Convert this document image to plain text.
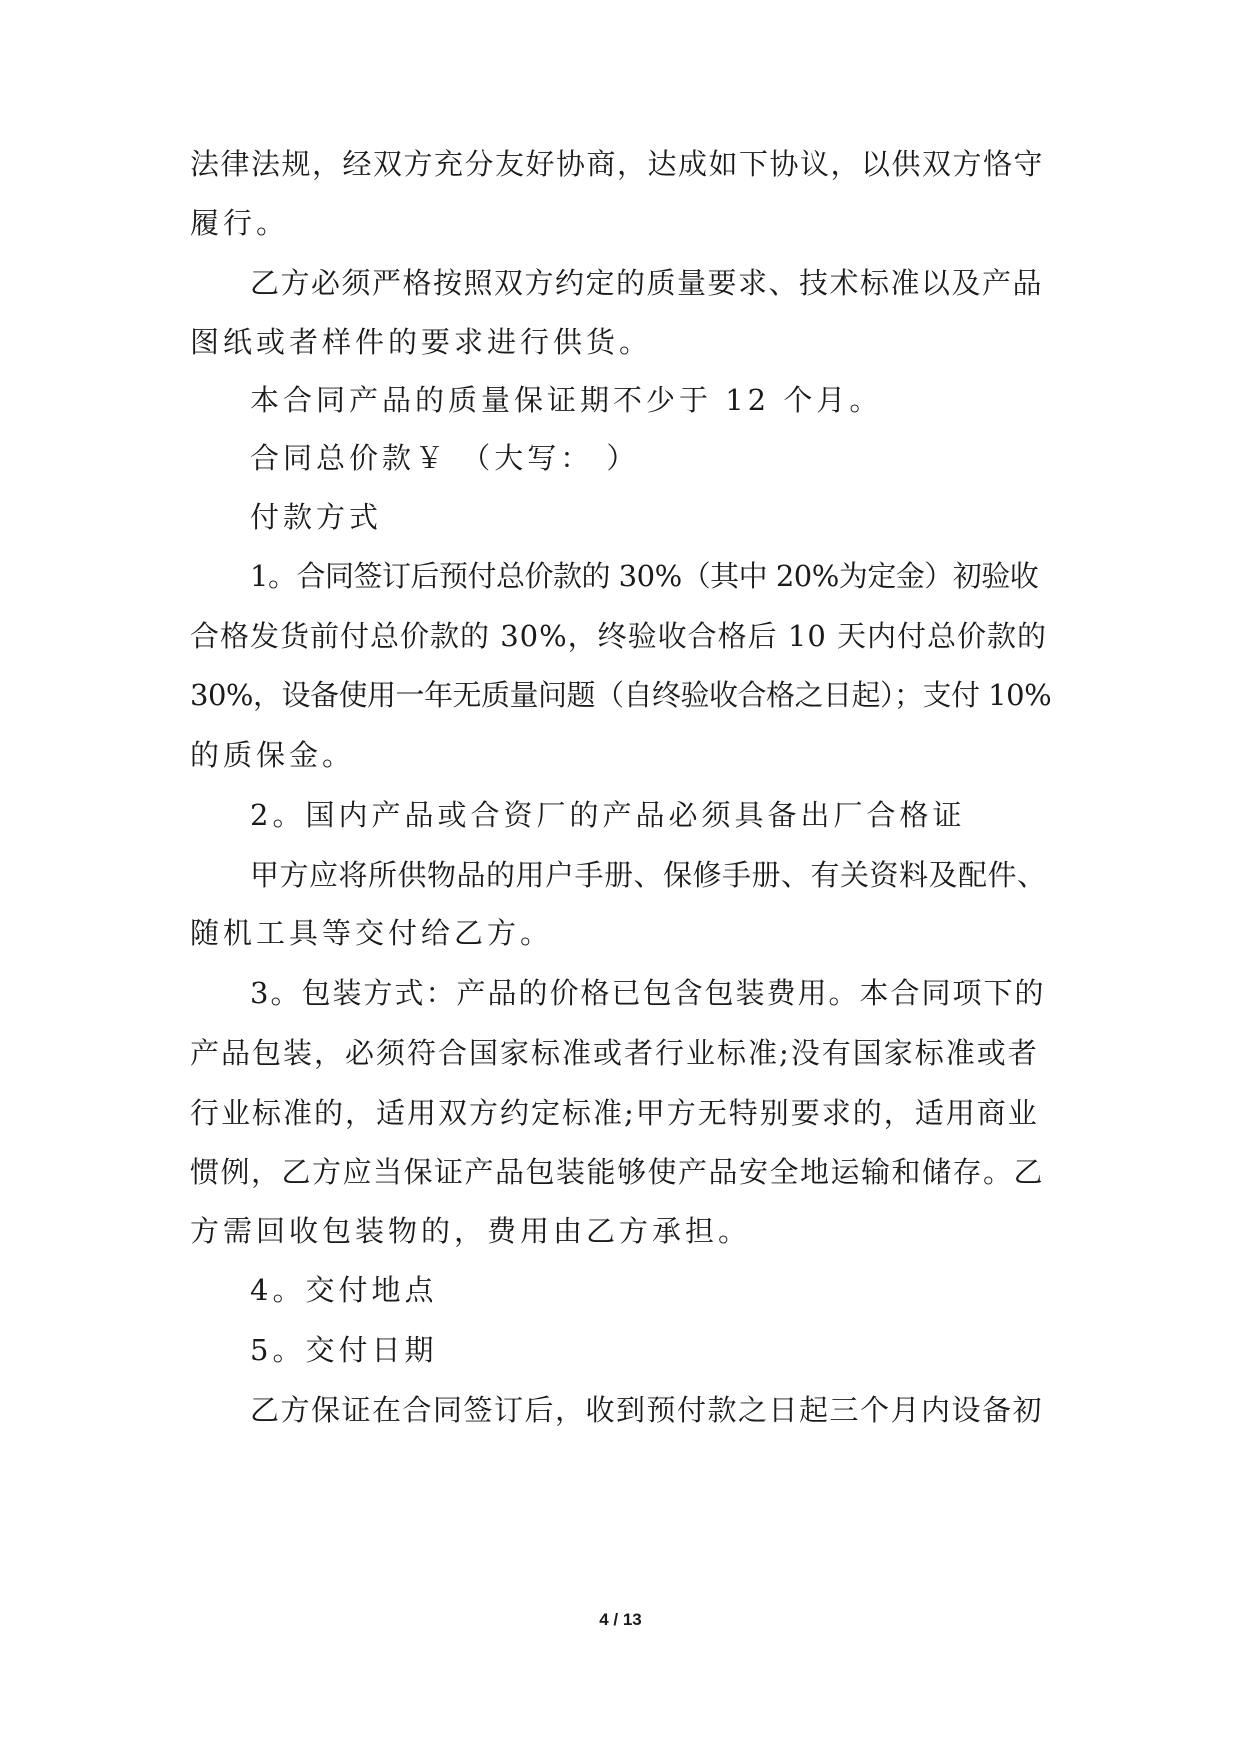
法律法规，经双方充分友好协商，达成如下协议，以供双方恪守
履行。
乙方必须严格按照双方约定的质量要求、技术标准以及产品
图纸或者样件的要求进行供货。
本合同产品的质量保证期不少于 12 个月。
合同总价款￥ （大写： ）
付款方式
1。合同签订后预付总价款的 30%（其中 20%为定金）初验收
合格发货前付总价款的 30%，终验收合格后 10 天内付总价款的
30%，设备使用一年无质量问题（自终验收合格之日起）；支付 10%
的质保金。
2。国内产品或合资厂的产品必须具备出厂合格证
甲方应将所供物品的用户手册、保修手册、有关资料及配件、
随机工具等交付给乙方。
3。包装方式：产品的价格已包含包装费用。本合同项下的
产品包装，必须符合国家标准或者行业标准;没有国家标准或者
行业标准的，适用双方约定标准;甲方无特别要求的，适用商业
惯例，乙方应当保证产品包装能够使产品安全地运输和储存。乙
方需回收包装物的，费用由乙方承担。
4。交付地点
5。交付日期
乙方保证在合同签订后，收到预付款之日起三个月内设备初
4 / 13
